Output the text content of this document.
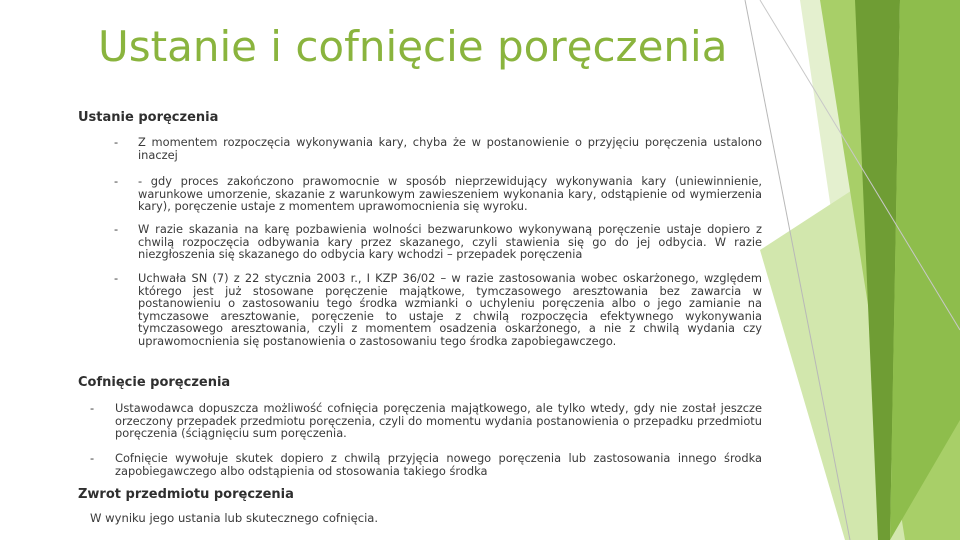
Ustanie i cofnięcie poręczenia
Ustanie poręczenia
-	Z momentem rozpoczęcia wykonywania kary, chyba że w postanowienie o przyjęciu poręczenia ustalono inaczej
-	- gdy proces zakończono prawomocnie w sposób nieprzewidujący wykonywania kary (uniewinnienie, warunkowe umorzenie, skazanie z warunkowym zawieszeniem wykonania kary, odstąpienie od wymierzenia kary), poręczenie ustaje z momentem uprawomocnienia się wyroku.
-	W razie skazania na karę pozbawienia wolności bezwarunkowo wykonywaną poręczenie ustaje dopiero z chwilą rozpoczęcia odbywania kary przez skazanego, czyli stawienia się go do jej odbycia. W razie niezgłoszenia się skazanego do odbycia kary wchodzi – przepadek poręczenia
-	Uchwała SN (7) z 22 stycznia 2003 r., I KZP 36/02 – w razie zastosowania wobec oskarżonego, względem którego jest już stosowane poręczenie majątkowe, tymczasowego aresztowania bez zawarcia w postanowieniu o zastosowaniu tego środka wzmianki o uchyleniu poręczenia albo o jego zamianie na tymczasowe aresztowanie, poręczenie to ustaje z chwilą rozpoczęcia efektywnego wykonywania tymczasowego aresztowania, czyli z momentem osadzenia oskarżonego, a nie z chwilą wydania czy uprawomocnienia się postanowienia o zastosowaniu tego środka zapobiegawczego.
Cofnięcie poręczenia
-	Ustawodawca dopuszcza możliwość cofnięcia poręczenia majątkowego, ale tylko wtedy, gdy nie został jeszcze orzeczony przepadek przedmiotu poręczenia, czyli do momentu wydania postanowienia o przepadku przedmiotu poręczenia (ściągnięciu sum poręczenia.
-	Cofnięcie wywołuje skutek dopiero z chwilą przyjęcia nowego poręczenia lub zastosowania innego środka zapobiegawczego albo odstąpienia od stosowania takiego środka
Zwrot przedmiotu poręczenia
W wyniku jego ustania lub skutecznego cofnięcia.
